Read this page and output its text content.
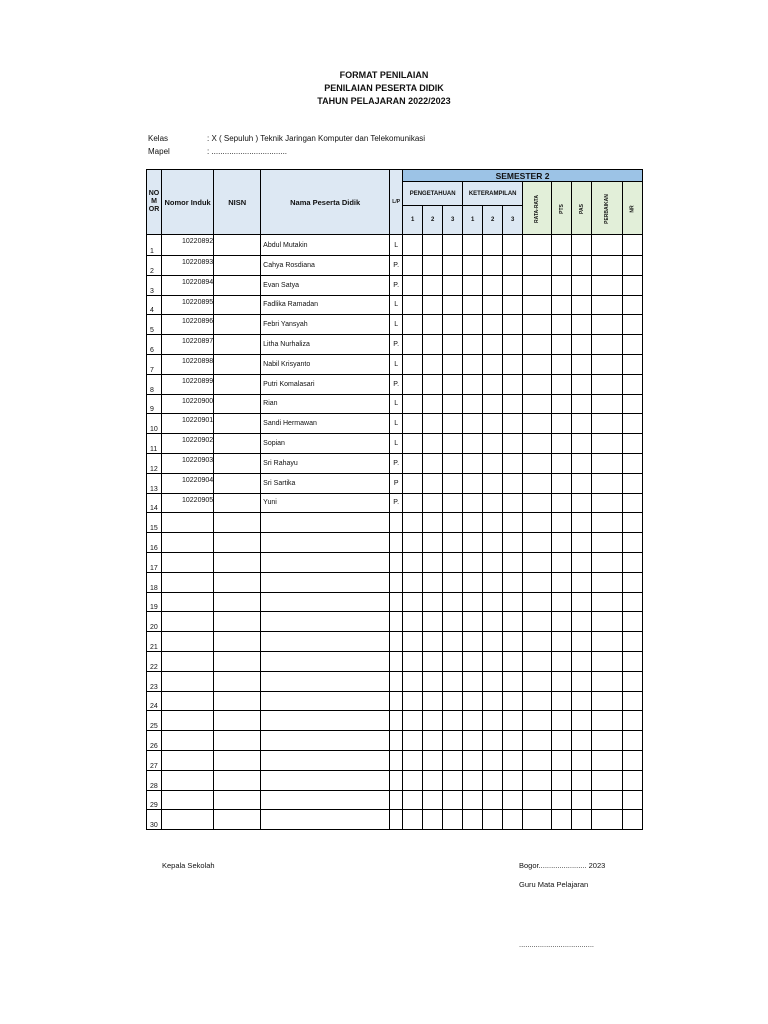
FORMAT PENILAIAN
PENILAIAN PESERTA DIDIK
TAHUN PELAJARAN 2022/2023
Kelas	: X ( Sepuluh ) Teknik Jaringan Komputer dan Telekomunikasi
Mapel	: ..................................
NO M OR	Nomor Induk	NISN	Nama Peserta Didik	L/P	SEMESTER 2										
					PENGETAHUAN			KETERAMPILAN			RATA-RATA	PTS	PAS	PERBAIKAN	NR
					1	2	3	1	2	3					
1	10220892		Abdul Mutakin	L											
2	10220893		Cahya Rosdiana	P.											
3	10220894		Evan Satya	P.											
4	10220895		Fadlika Ramadan	L											
5	10220896		Febri Yansyah	L											
6	10220897		Litha Nurhaliza	P.											
7	10220898		Nabil Krisyanto	L											
8	10220899		Putri Komalasari	P.											
9	10220900		Rian	L											
10	10220901		Sandi Hermawan	L											
11	10220902		Sopian	L											
12	10220903		Sri Rahayu	P.											
13	10220904		Sri Sartika	P											
14	10220905		Yuni	P.											
15															
16															
17															
18															
19															
20															
21															
22															
23															
24															
25															
26															
27															
28															
29															
30															
Kepala Sekolah	Bogor....................... 2023
Guru Mata Pelajaran
....................................
